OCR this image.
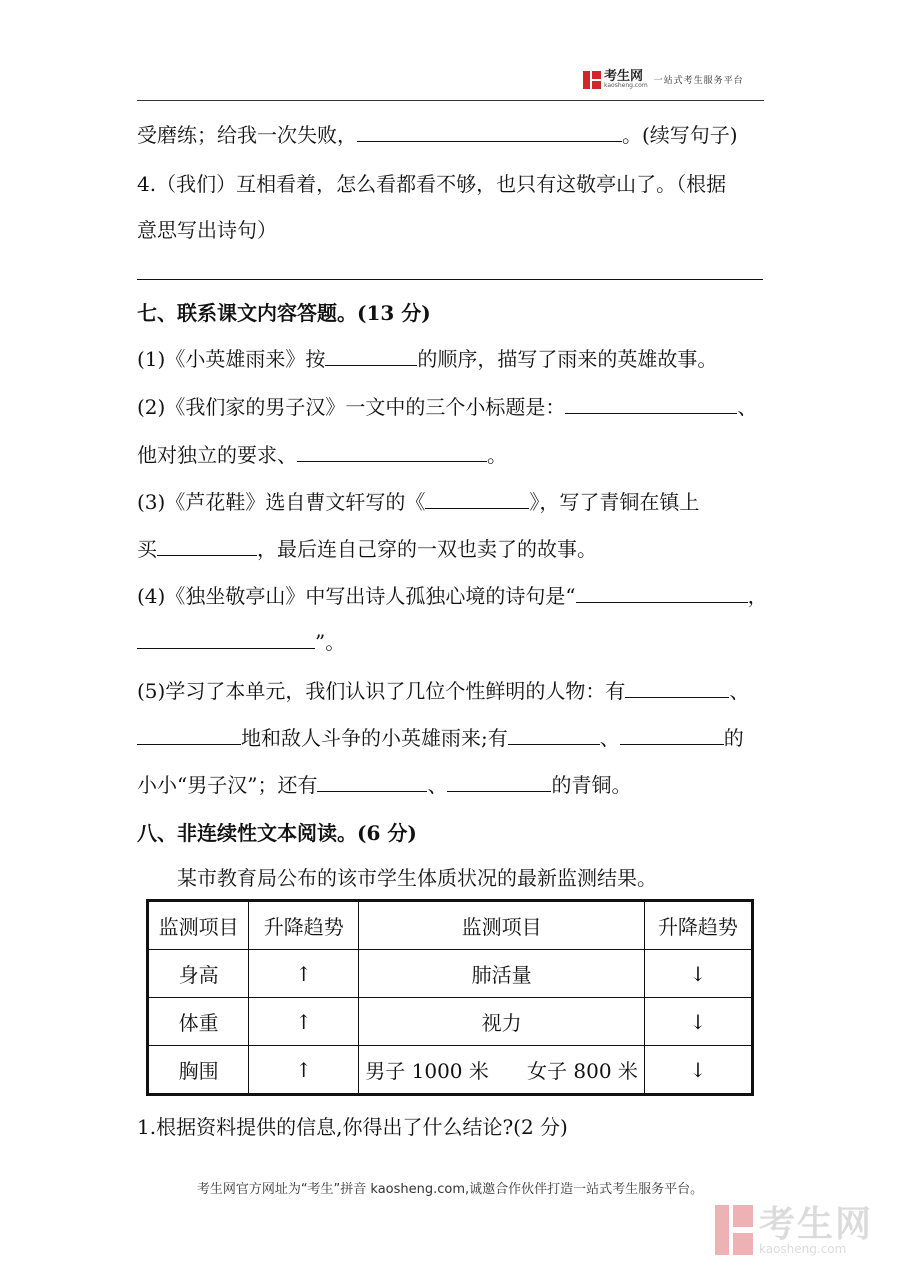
考生网
kaosheng.com 一站式考生服务平台
受磨练；给我一次失败，	。(续写句子)
4.（我们）互相看着，怎么看都看不够，也只有这敬亭山了。（根据
意思写出诗句）
七、联系课文内容答题。(13 分)
(1)《小英雄雨来》按	的顺序，描写了雨来的英雄故事。
(2)《我们家的男子汉》一文中的三个小标题是：	、
他对独立的要求、	。
(3)《芦花鞋》选自曹文轩写的《	》，写了青铜在镇上
买	，最后连自己穿的一双也卖了的故事。
(4)《独坐敬亭山》中写出诗人孤独心境的诗句是“	，
”。
(5)学习了本单元，我们认识了几位个性鲜明的人物：有	、
地和敌人斗争的小英雄雨来;有	、	的
小小“男子汉”；还有	、	的青铜。
八、非连续性文本阅读。(6 分)
某市教育局公布的该市学生体质状况的最新监测结果。
监测项目	升降趋势	监测项目	升降趋势
身高	↑	肺活量	↓
体重	↑	视力	↓
胸围	↑	男子 1000 米      女子 800 米	↓
1.根据资料提供的信息,你得出了什么结论?(2 分)
考生网官方网址为“考生”拼音 kaosheng.com,诚邀合作伙伴打造一站式考生服务平台。
考生网
kaosheng.com
